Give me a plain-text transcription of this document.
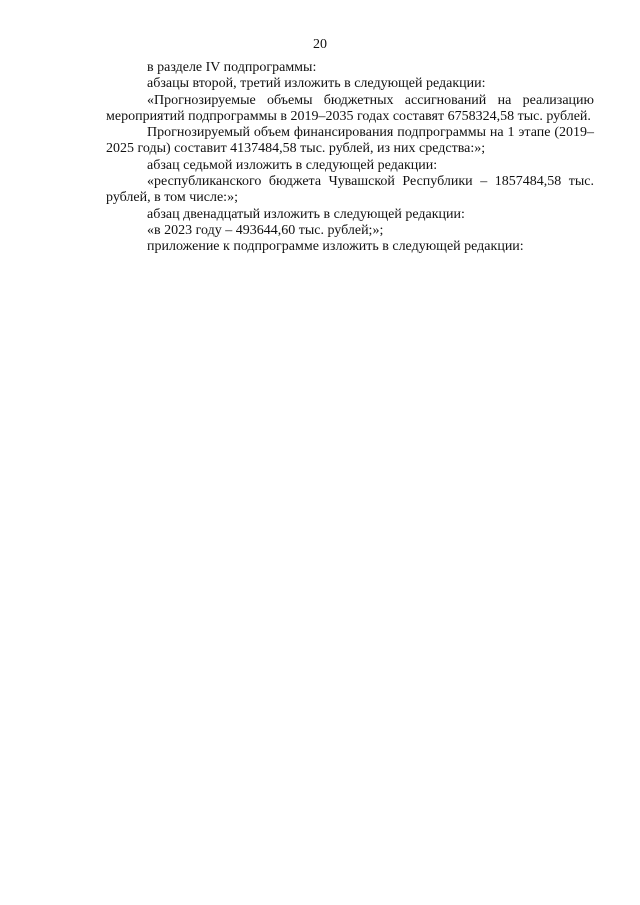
20

в разделе IV подпрограммы:

абзацы второй, третий изложить в следующей редакции:

«Прогнозируемые объемы бюджетных ассигнований на реализацию мероприятий подпрограммы в 2019–2035 годах составят 6758324,58 тыс. рублей.

Прогнозируемый объем финансирования подпрограммы на 1 этапе (2019–2025 годы) составит 4137484,58 тыс. рублей, из них средства:»;

абзац седьмой изложить в следующей редакции:

«республиканского бюджета Чувашской Республики – 1857484,58 тыс. рублей, в том числе:»;

абзац двенадцатый изложить в следующей редакции:

«в 2023 году – 493644,60 тыс. рублей;»;

приложение к подпрограмме изложить в следующей редакции:
